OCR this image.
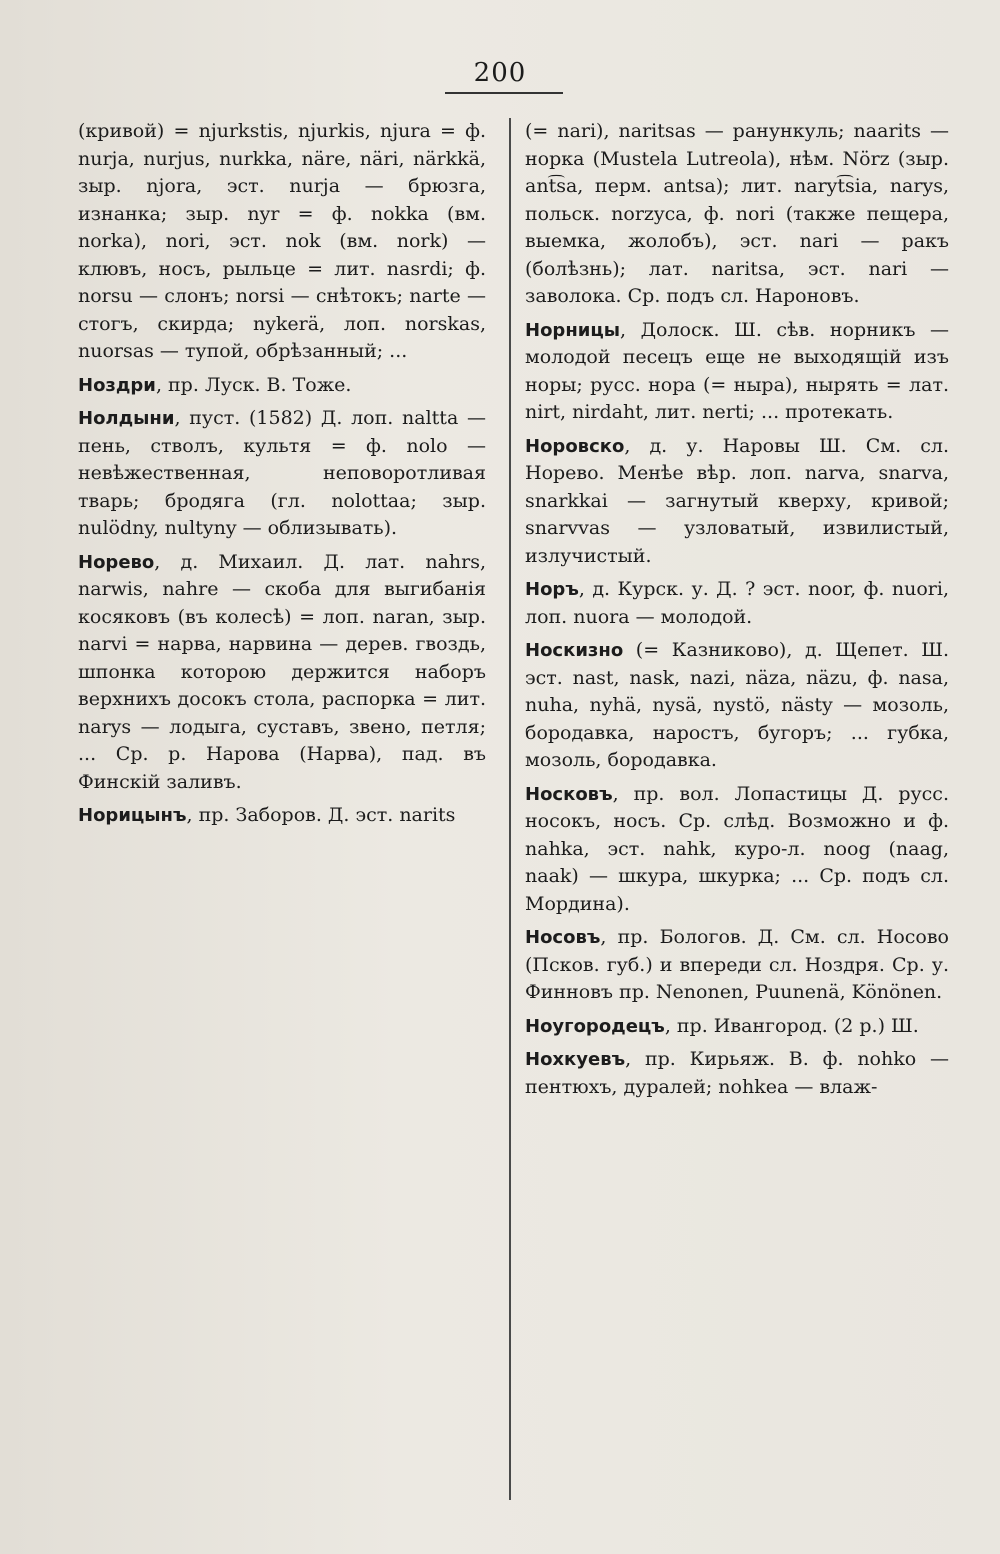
200

(кривой) = njurkstis, njurkis, njura = ф. nurja, nurjus, nurkka, näre, näri, närkkä, зыр. njora, эст. nurja — брюзга, изнанка; зыр. nyr = ф. nokka (вм. norka), nori, эст. nok (вм. nork) — клювъ, носъ, рыльце = лит. nasrdi; ф. norsu — слонъ; norsi — снѣтокъ; narte — стогъ, скирда; nykerä, лоп. norskas, nuorsas — тупой, обрѣзанный; ...

Ноздри, пр. Луск. В. Тоже.

Нолдыни, пуст. (1582) Д. лоп. naltta — пень, стволъ, культя = ф. nolo — невѣжественная, неповоротливая тварь; бродяга (гл. nolottaa; зыр. nulödny, nultyny — облизывать).

Норево, д. Михаил. Д. лат. nahrs, narwis, nahre — скоба для выгибанія косяковъ (въ колесѣ) = лоп. naran, зыр. narvi = нарва, нарвина — дерев. гвоздь, шпонка которою держится наборъ верхнихъ досокъ стола, распорка = лит. narys — лодыга, суставъ, звено, петля; ... Ср. р. Нарова (Нарва), пад. въ Финскій заливъ.

Норицынъ, пр. Заборов. Д. эст. narits

(= nari), naritsas — ранункуль; naarits — норка (Mustela Lutreola), нѣм. Nörz (зыр. ant͡sa, перм. antsa); лит. naryt͡sia, narys, польск. norzyca, ф. nori (также пещера, выемка, жолобъ), эст. nari — ракъ (болѣзнь); лат. naritsa, эст. nari — заволока. Ср. подъ сл. Нароновъ.

Норницы, Долоск. Ш. сѣв. норникъ — молодой песецъ еще не выходящій изъ норы; русс. нора (= ныра), нырять = лат. nirt, nirdaht, лит. nerti; ... протекать.

Норовско, д. у. Наровы Ш. См. сл. Норево. Менѣе вѣр. лоп. narva, snarva, snarkkai — загнутый кверху, кривой; snarvvas — узловатый, извилистый, излучистый.

Норъ, д. Курск. у. Д. ? эст. noor, ф. nuori, лоп. nuora — молодой.

Носкизно (= Казниково), д. Щепет. Ш. эст. nast, nask, nazi, näza, näzu, ф. nasa, nuha, nyhä, nysä, nystö, nästy — мозоль, бородавка, наростъ, бугоръ; ... губка, мозоль, бородавка.

Носковъ, пр. вол. Лопастицы Д. русс. носокъ, носъ. Ср. слѣд. Возможно и ф. nahka, эст. nahk, куро-л. noog (naag, naak) — шкура, шкурка; ... Ср. подъ сл. Мордина).

Носовъ, пр. Бологов. Д. См. сл. Носово (Псков. губ.) и впереди сл. Ноздря. Ср. у. Финновъ пр. Nenonen, Puunenä, Könönen.

Ноугородецъ, пр. Ивангород. (2 р.) Ш.

Нохкуевъ, пр. Кирьяж. В. ф. nohko — пентюхъ, дуралей; nohkea — влаж-
